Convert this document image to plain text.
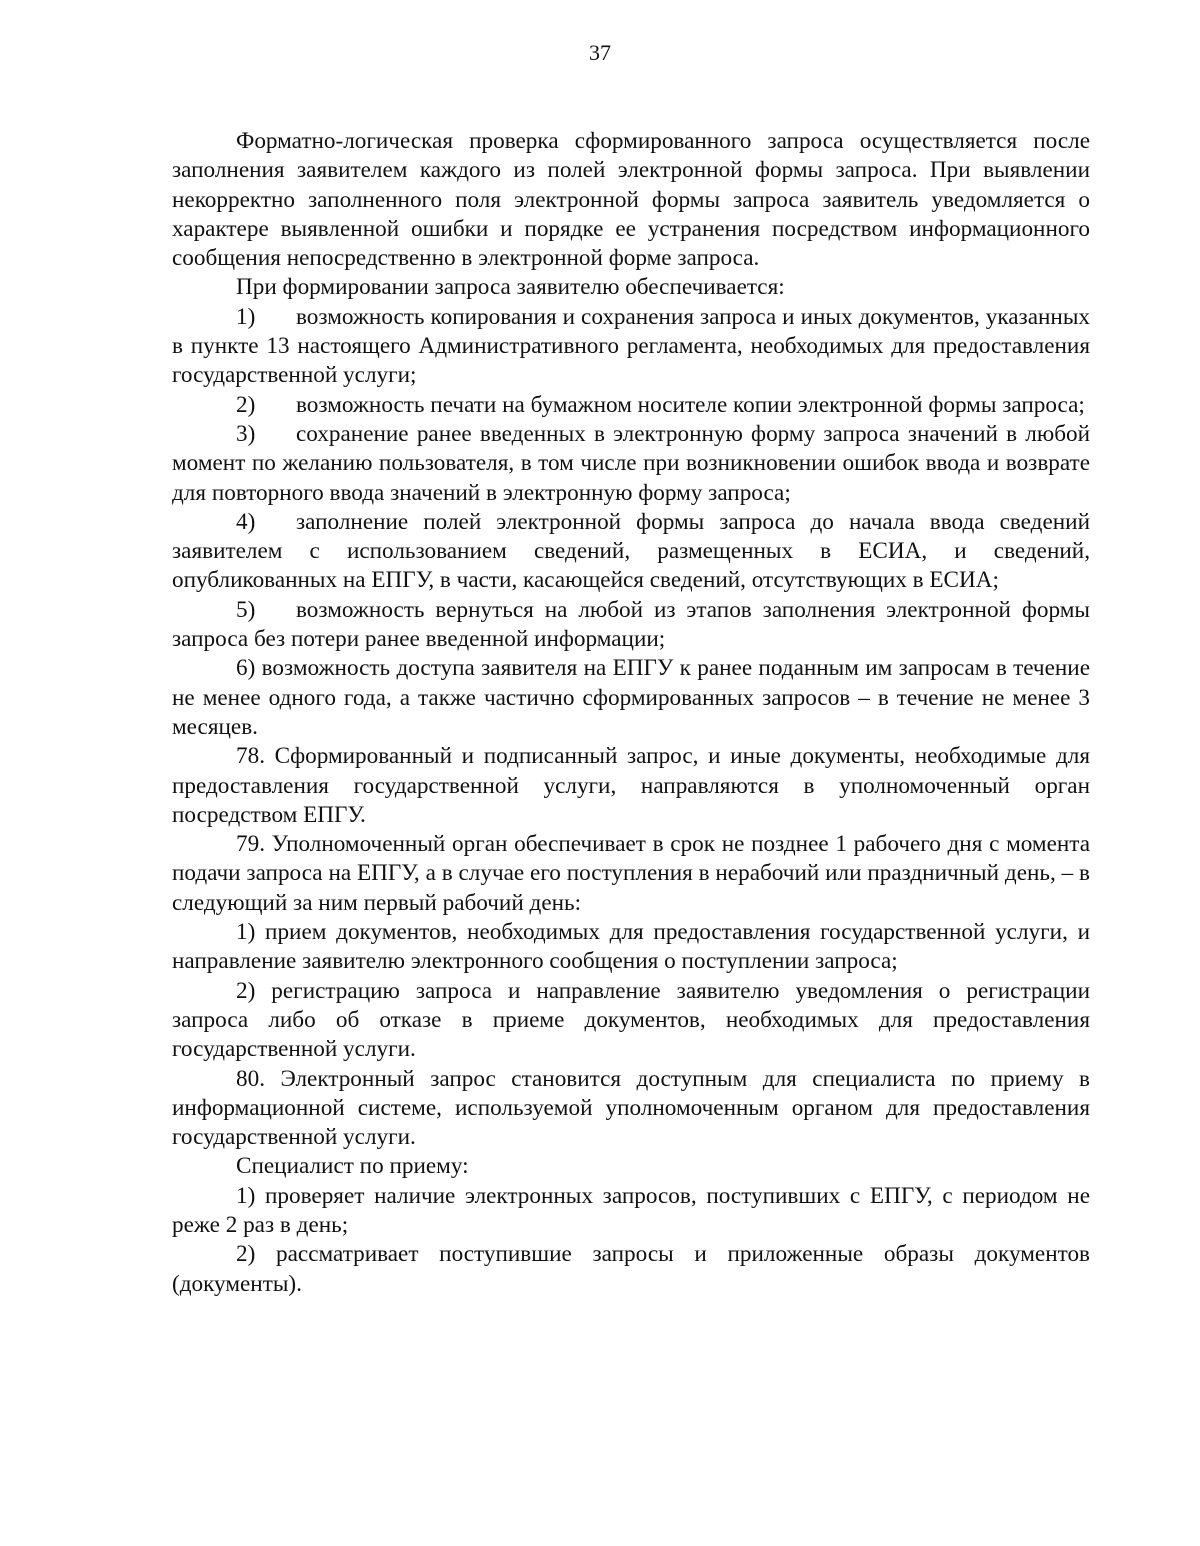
37

Форматно-логическая проверка сформированного запроса осуществляется после заполнения заявителем каждого из полей электронной формы запроса. При выявлении некорректно заполненного поля электронной формы запроса заявитель уведомляется о характере выявленной ошибки и порядке ее устранения посредством информационного сообщения непосредственно в электронной форме запроса.

При формировании запроса заявителю обеспечивается:

1) возможность копирования и сохранения запроса и иных документов, указанных в пункте 13 настоящего Административного регламента, необходимых для предоставления государственной услуги;

2) возможность печати на бумажном носителе копии электронной формы запроса;

3) сохранение ранее введенных в электронную форму запроса значений в любой момент по желанию пользователя, в том числе при возникновении ошибок ввода и возврате для повторного ввода значений в электронную форму запроса;

4) заполнение полей электронной формы запроса до начала ввода сведений заявителем с использованием сведений, размещенных в ЕСИА, и сведений, опубликованных на ЕПГУ, в части, касающейся сведений, отсутствующих в ЕСИА;

5) возможность вернуться на любой из этапов заполнения электронной формы запроса без потери ранее введенной информации;

6) возможность доступа заявителя на ЕПГУ к ранее поданным им запросам в течение не менее одного года, а также частично сформированных запросов – в течение не менее 3 месяцев.

78. Сформированный и подписанный запрос, и иные документы, необходимые для предоставления государственной услуги, направляются в уполномоченный орган посредством ЕПГУ.

79. Уполномоченный орган обеспечивает в срок не позднее 1 рабочего дня с момента подачи запроса на ЕПГУ, а в случае его поступления в нерабочий или праздничный день, – в следующий за ним первый рабочий день:

1) прием документов, необходимых для предоставления государственной услуги, и направление заявителю электронного сообщения о поступлении запроса;

2) регистрацию запроса и направление заявителю уведомления о регистрации запроса либо об отказе в приеме документов, необходимых для предоставления государственной услуги.

80. Электронный запрос становится доступным для специалиста по приему в информационной системе, используемой уполномоченным органом для предоставления государственной услуги.

Специалист по приему:

1) проверяет наличие электронных запросов, поступивших с ЕПГУ, с периодом не реже 2 раз в день;

2) рассматривает поступившие запросы и приложенные образы документов (документы).
